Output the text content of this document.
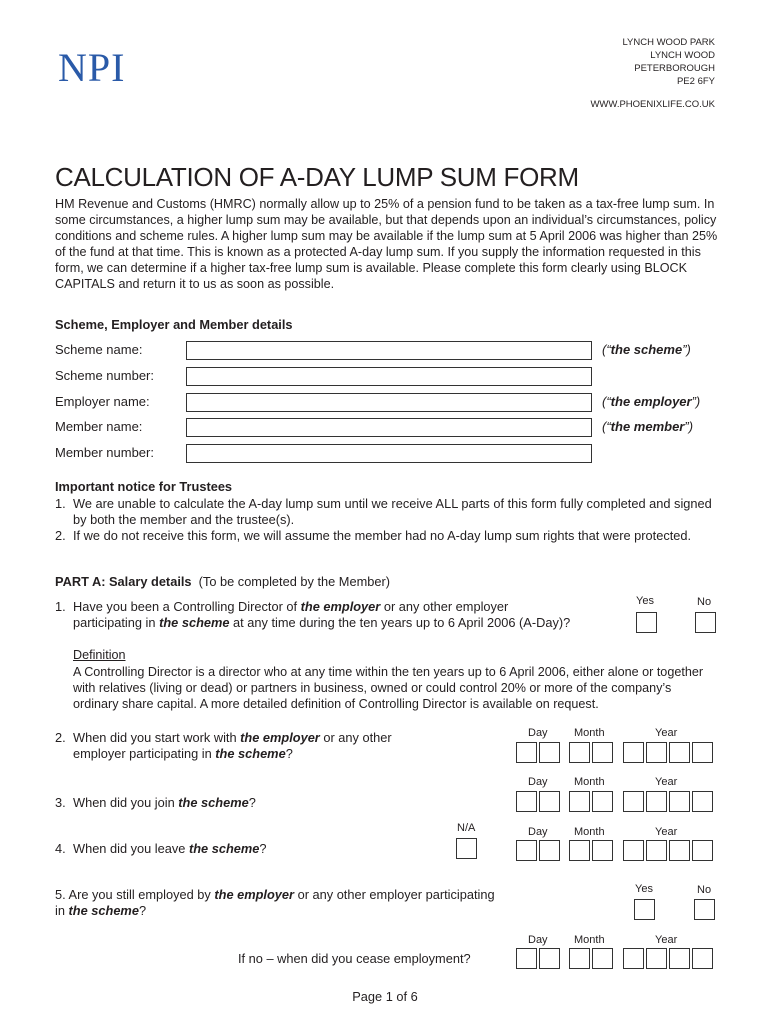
NPI
LYNCH WOOD PARK
LYNCH WOOD
PETERBOROUGH
PE2 6FY
WWW.PHOENIXLIFE.CO.UK
CALCULATION OF A-DAY LUMP SUM FORM

HM Revenue and Customs (HMRC) normally allow up to 25% of a pension fund to be taken as a tax-free lump sum. In some circumstances, a higher lump sum may be available, but that depends upon an individual’s circumstances, policy conditions and scheme rules. A higher lump sum may be available if the lump sum at 5 April 2006 was higher than 25% of the fund at that time. This is known as a protected A-day lump sum. If you supply the information requested in this form, we can determine if a higher tax-free lump sum is available. Please complete this form clearly using BLOCK CAPITALS and return it to us as soon as possible.

Scheme, Employer and Member details
Scheme name:	(“the scheme”)
Scheme number:
Employer name:	(“the employer”)
Member name:	(“the member”)
Member number:
Important notice for Trustees
1. We are unable to calculate the A-day lump sum until we receive ALL parts of this form fully completed and signed by both the member and the trustee(s).
2. If we do not receive this form, we will assume the member had no A-day lump sum rights that were protected.
PART A: Salary details (To be completed by the Member)
Yes	No
1. Have you been a Controlling Director of the employer or any other employer
participating in the scheme at any time during the ten years up to 6 April 2006 (A-Day)?
Definition
A Controlling Director is a director who at any time within the ten years up to 6 April 2006, either alone or together with relatives (living or dead) or partners in business, owned or could control 20% or more of the company’s ordinary share capital. A more detailed definition of Controlling Director is available on request.
Day Month	Year
2. When did you start work with the employer or any other
employer participating in the scheme?
Day Month	Year
3. When did you join the scheme?
N/A	Day Month	Year
4. When did you leave the scheme?
Yes	No
5. Are you still employed by the employer or any other employer participating
in the scheme?
Day Month	Year
If no – when did you cease employment?
Page 1 of 6
